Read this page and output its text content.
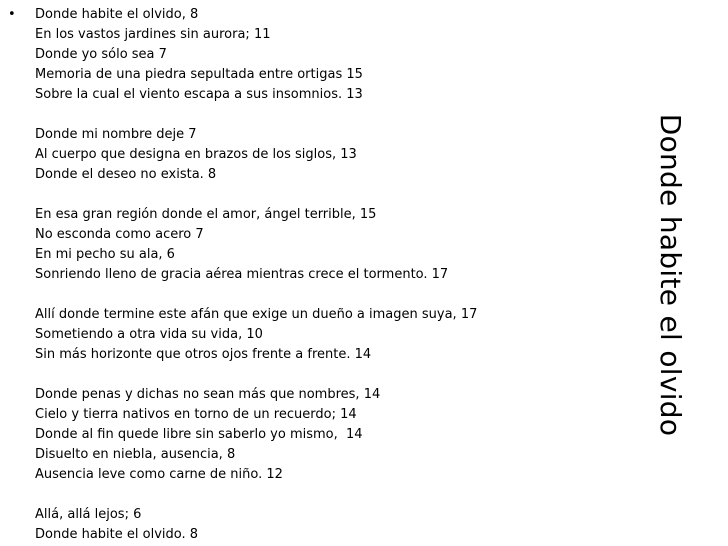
• Donde habite el olvido, 8
En los vastos jardines sin aurora; 11
Donde yo sólo sea 7
Memoria de una piedra sepultada entre ortigas 15
Sobre la cual el viento escapa a sus insomnios. 13
Donde mi nombre deje 7
Al cuerpo que designa en brazos de los siglos, 13
Donde el deseo no exista. 8
En esa gran región donde el amor, ángel terrible, 15
No esconda como acero 7
En mi pecho su ala, 6
Sonriendo lleno de gracia aérea mientras crece el tormento. 17
Allí donde termine este afán que exige un dueño a imagen suya, 17
Sometiendo a otra vida su vida, 10
Sin más horizonte que otros ojos frente a frente. 14
Donde penas y dichas no sean más que nombres, 14
Cielo y tierra nativos en torno de un recuerdo; 14
Donde al fin quede libre sin saberlo yo mismo,  14
Disuelto en niebla, ausencia, 8
Ausencia leve como carne de niño. 12
Allá, allá lejos; 6
Donde habite el olvido. 8
Donde habite el olvido
